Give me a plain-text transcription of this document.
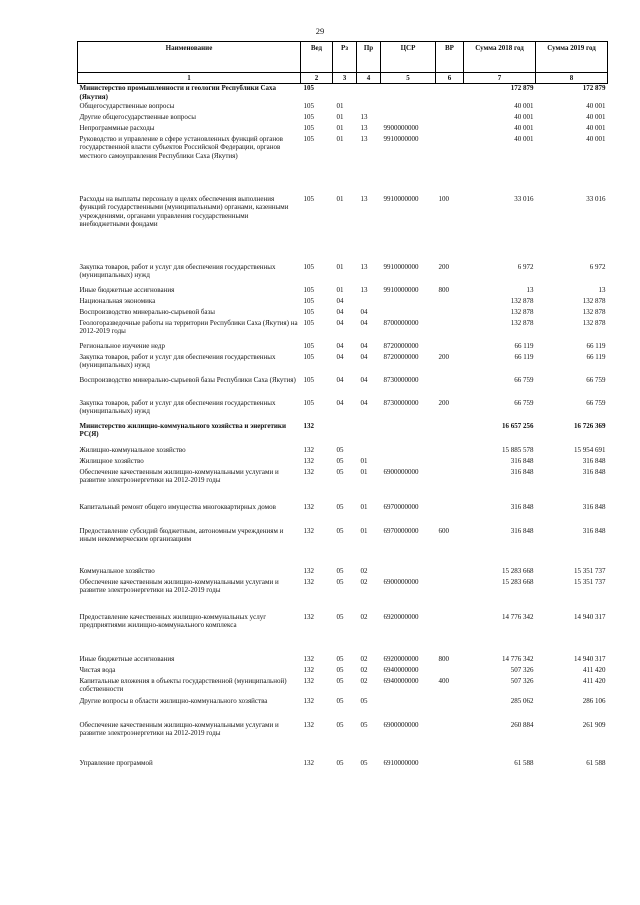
29
Наименование	Вед	Рз	Пр	ЦСР	ВР	Сумма 2018 год	Сумма 2019 год
1	2	3	4	5	6	7	8
Министерство промышленности и геологии Республики Саха (Якутия)	105					172 879	172 879
Общегосударственные вопросы	105	01				40 001	40 001
Другие общегосударственные вопросы	105	01	13			40 001	40 001
Непрограммные расходы	105	01	13	9900000000		40 001	40 001
Руководство и управление в сфере установленных функций органов государственной власти субъектов Российской Федерации, органов местного самоуправления Республики Саха (Якутия)	105	01	13	9910000000		40 001	40 001
Расходы на выплаты персоналу в целях обеспечения выполнения функций государственными (муниципальными) органами, казенными учреждениями, органами управления государственными внебюджетными фондами	105	01	13	9910000000	100	33 016	33 016
Закупка товаров, работ и услуг для обеспечения государственных (муниципальных) нужд	105	01	13	9910000000	200	6 972	6 972
Иные бюджетные ассигнования	105	01	13	9910000000	800	13	13
Национальная экономика	105	04				132 878	132 878
Воспроизводство минерально-сырьевой базы	105	04	04			132 878	132 878
Геологоразведочные работы на территории Республики Саха (Якутия) на 2012-2019 годы	105	04	04	8700000000		132 878	132 878
Региональное изучение недр	105	04	04	8720000000		66 119	66 119
Закупка товаров, работ и услуг для обеспечения государственных (муниципальных) нужд	105	04	04	8720000000	200	66 119	66 119
Воспроизводство минерально-сырьевой базы Республики Саха (Якутия)	105	04	04	8730000000		66 759	66 759
Закупка товаров, работ и услуг для обеспечения государственных (муниципальных) нужд	105	04	04	8730000000	200	66 759	66 759
Министерство жилищно-коммунального хозяйства и энергетики РС(Я)	132					16 657 256	16 726 369
Жилищно-коммунальное хозяйство	132	05				15 885 578	15 954 691
Жилищное хозяйство	132	05	01			316 848	316 848
Обеспечение качественным жилищно-коммунальными услугами и развитие электроэнергетики на 2012-2019 годы	132	05	01	6900000000		316 848	316 848
Капитальный ремонт общего имущества многоквартирных домов	132	05	01	6970000000		316 848	316 848
Предоставление субсидий бюджетным, автономным учреждениям и иным некоммерческим организациям	132	05	01	6970000000	600	316 848	316 848
Коммунальное хозяйство	132	05	02			15 283 668	15 351 737
Обеспечение качественным жилищно-коммунальными услугами и развитие электроэнергетики на 2012-2019 годы	132	05	02	6900000000		15 283 668	15 351 737
Предоставление качественных жилищно-коммунальных услуг предприятиями жилищно-коммунального комплекса	132	05	02	6920000000		14 776 342	14 940 317
Иные бюджетные ассигнования	132	05	02	6920000000	800	14 776 342	14 940 317
Чистая вода	132	05	02	6940000000		507 326	411 420
Капитальные вложения в объекты государственной (муниципальной) собственности	132	05	02	6940000000	400	507 326	411 420
Другие вопросы в области жилищно-коммунального хозяйства	132	05	05			285 062	286 106
Обеспечение качественным жилищно-коммунальными услугами и развитие электроэнергетики на 2012-2019 годы	132	05	05	6900000000		260 884	261 909
Управление программой	132	05	05	6910000000		61 588	61 588
